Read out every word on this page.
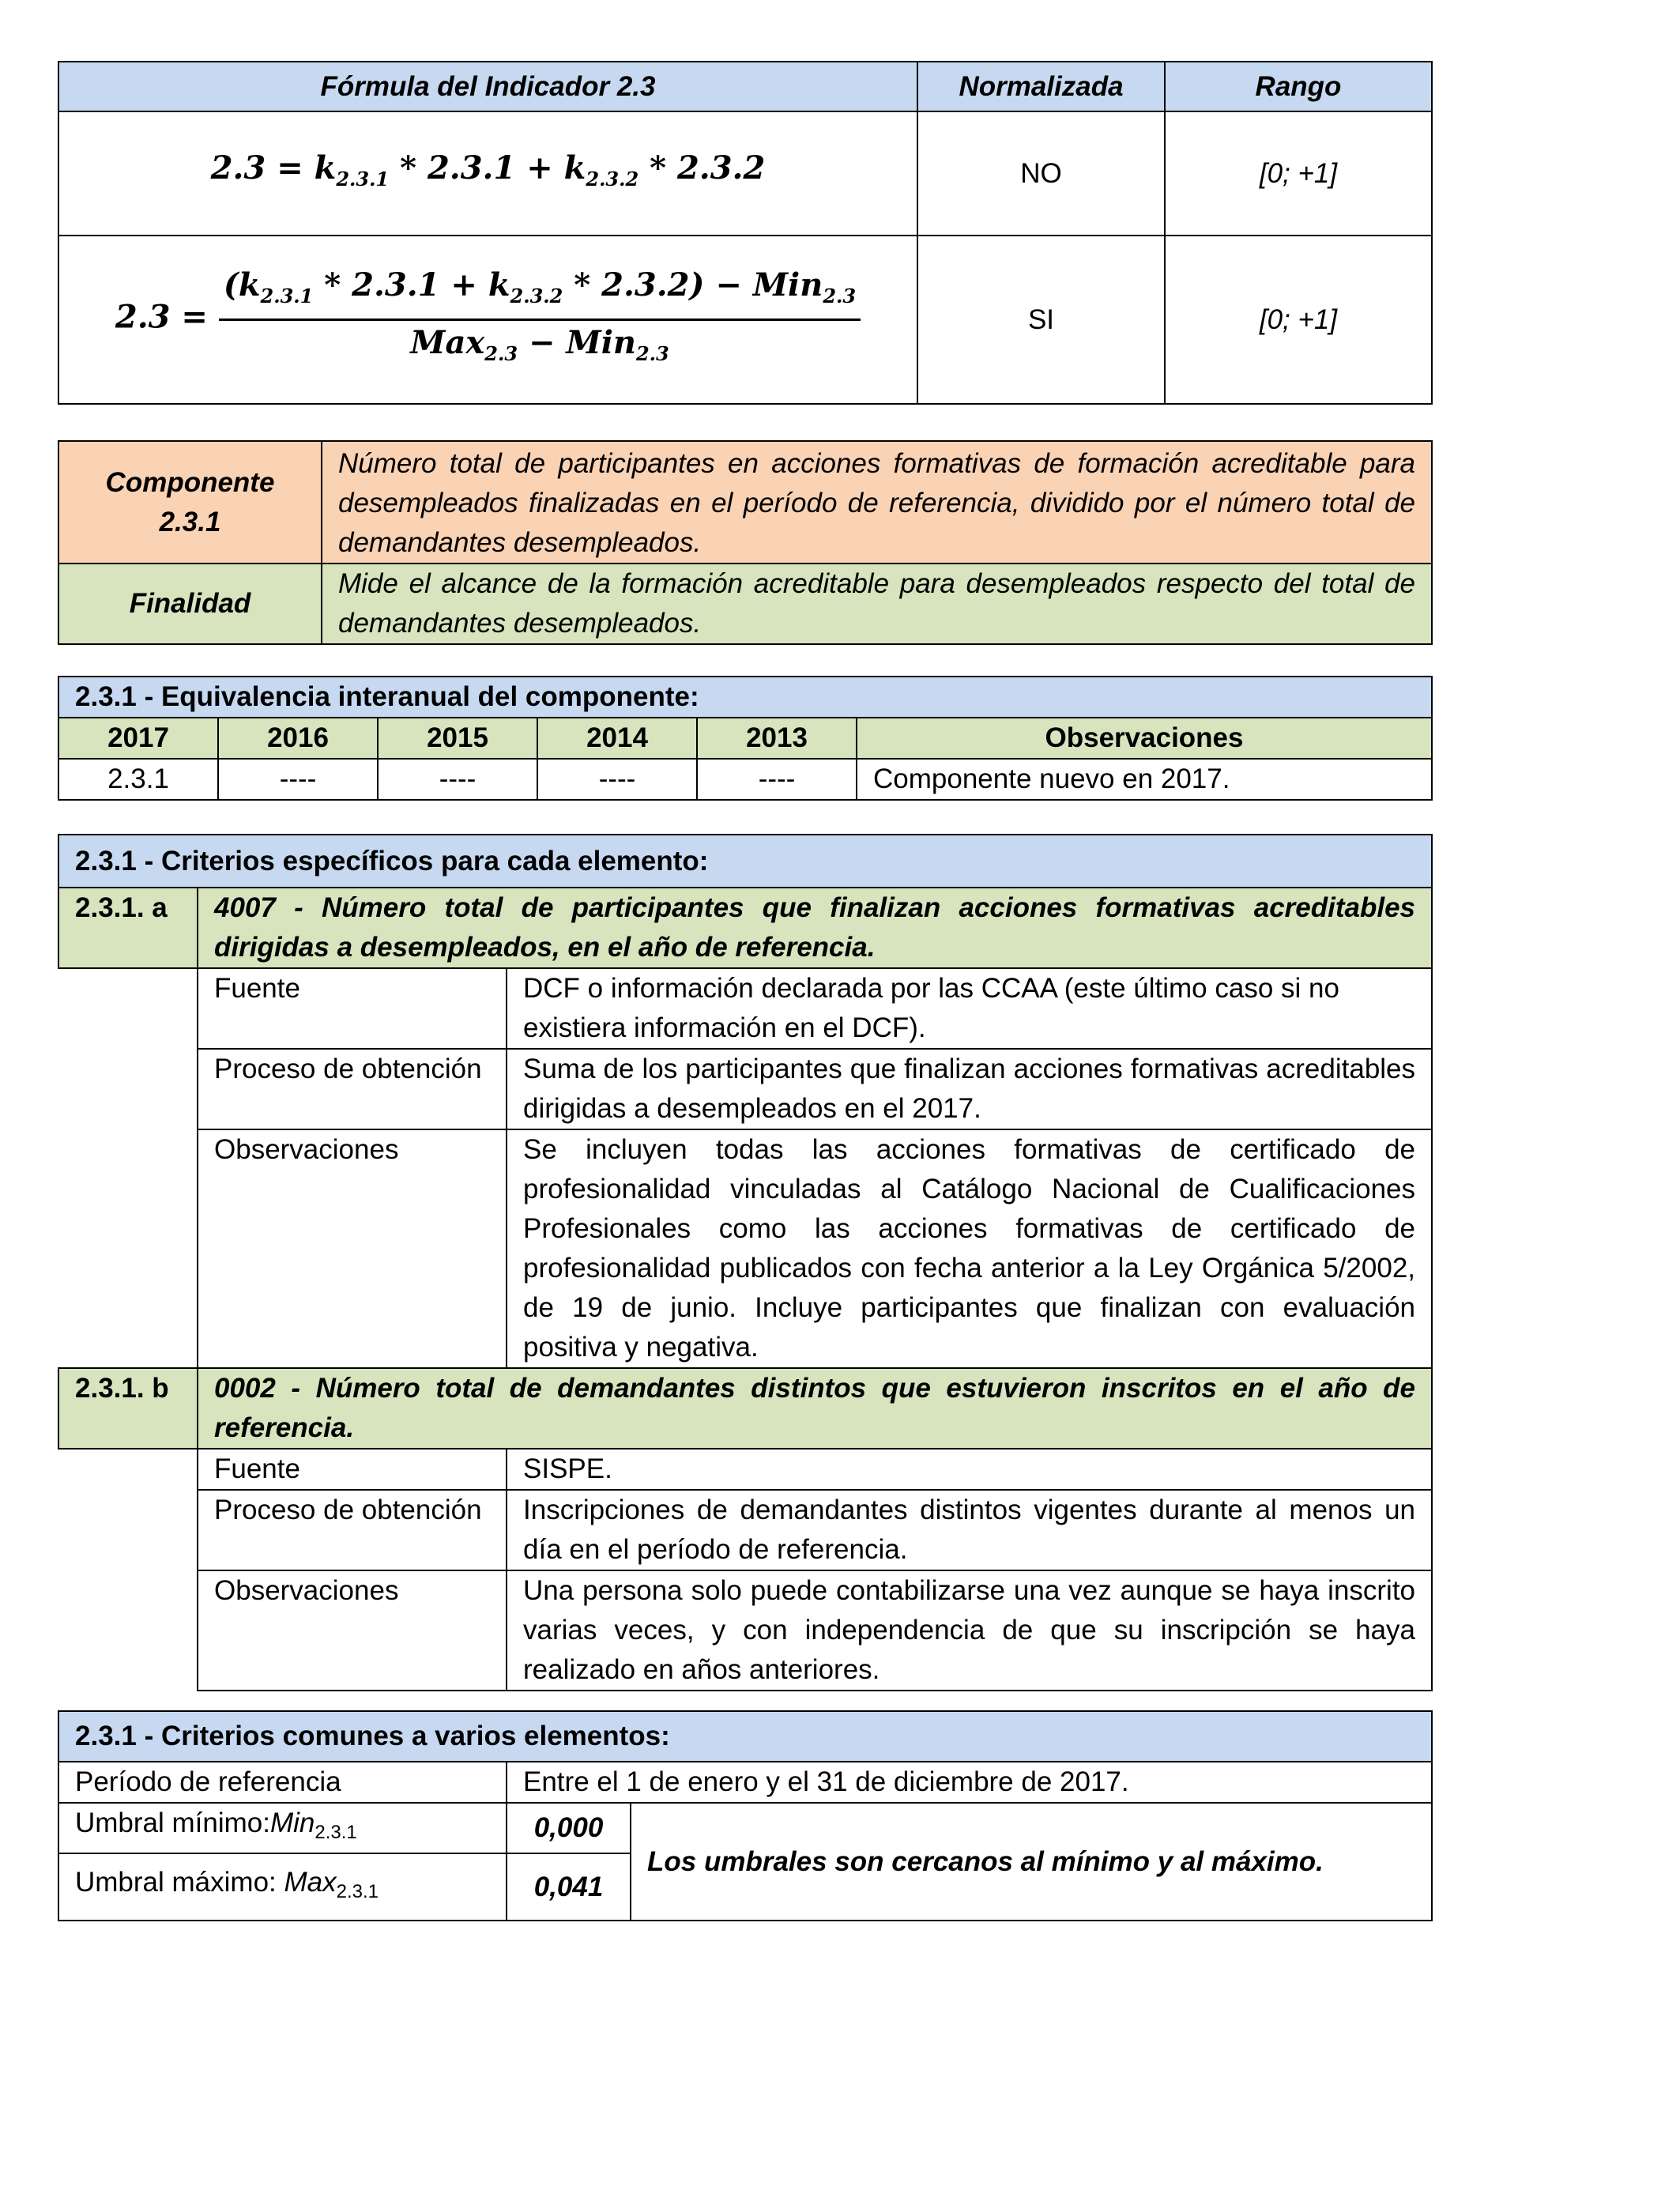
Fórmula del Indicador 2.3	Normalizada	Rango
$2.3 = k_{2.3.1} * 2.3.1 + k_{2.3.2} * 2.3.2$	NO	[0; +1]
$2.3 = \frac{(k_{2.3.1} * 2.3.1 + k_{2.3.2} * 2.3.2) - Min_{2.3}}{Max_{2.3} - Min_{2.3}}$	SI	[0; +1]
Componente 2.3.1	Número total de participantes en acciones formativas de formación acreditable para desempleados finalizadas en el período de referencia, dividido por el número total de demandantes desempleados.
Finalidad	Mide el alcance de la formación acreditable para desempleados respecto del total de demandantes desempleados.
2.3.1 - Equivalencia interanual del componente:					
2017	2016	2015	2014	2013	Observaciones
2.3.1	----	----	----	----	Componente nuevo en 2017.
2.3.1 - Criterios específicos para cada elemento:		
2.3.1. a	4007 - Número total de participantes que finalizan acciones formativas acreditables dirigidas a desempleados, en el año de referencia.	
	Fuente	DCF o información declarada por las CCAA (este último caso si no existiera información en el DCF).
	Proceso de obtención	Suma de los participantes que finalizan acciones formativas acreditables dirigidas a desempleados en el 2017.
	Observaciones	Se incluyen todas las acciones formativas de certificado de profesionalidad vinculadas al Catálogo Nacional de Cualificaciones Profesionales como las acciones formativas de certificado de profesionalidad publicados con fecha anterior a la Ley Orgánica 5/2002, de 19 de junio. Incluye participantes que finalizan con evaluación positiva y negativa.
2.3.1. b	0002 - Número total de demandantes distintos que estuvieron inscritos en el año de referencia.	
	Fuente	SISPE.
	Proceso de obtención	Inscripciones de demandantes distintos vigentes durante al menos un día en el período de referencia.
	Observaciones	Una persona solo puede contabilizarse una vez aunque se haya inscrito varias veces, y con independencia de que su inscripción se haya realizado en años anteriores.
2.3.1 - Criterios comunes a varios elementos:		
Período de referencia	Entre el 1 de enero y el 31 de diciembre de 2017.	
Umbral mínimo:Min$_{2.3.1}$	0,000	Los umbrales son cercanos al mínimo y al máximo.
Umbral máximo: Max$_{2.3.1}$	0,041	
